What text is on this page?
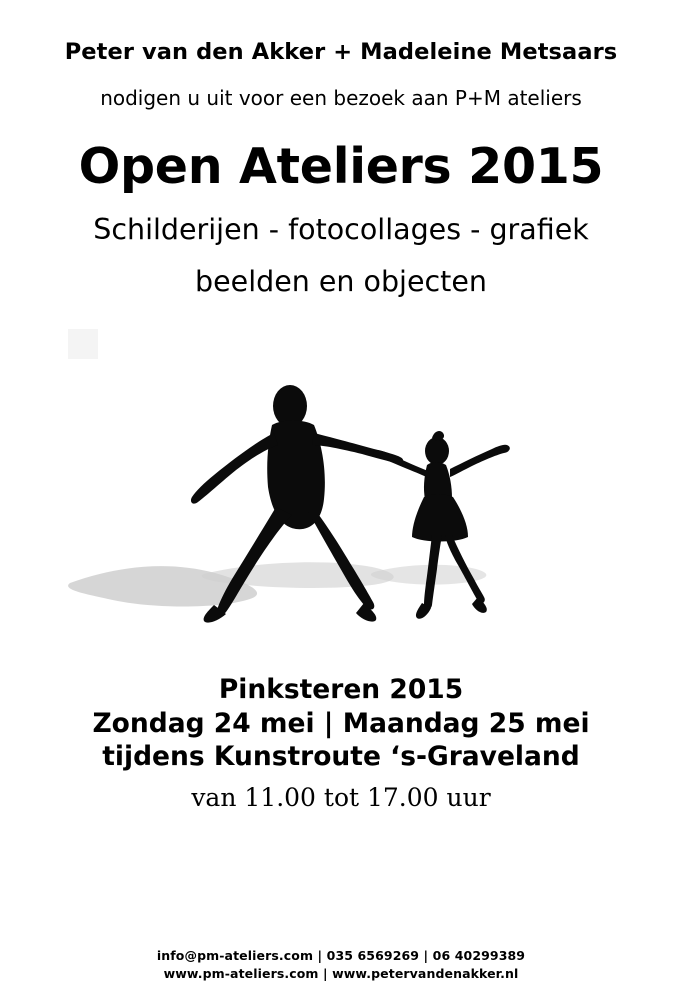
Peter van den Akker + Madeleine Metsaars
nodigen u uit voor een bezoek aan P+M ateliers
Open Ateliers 2015
Schilderijen - fotocollages - grafiek
beelden en objecten
Pinksteren 2015
Zondag 24 mei | Maandag 25 mei
tijdens Kunstroute ‘s-Graveland
van 11.00 tot 17.00 uur
info@pm-ateliers.com | 035 6569269 | 06 40299389
www.pm-ateliers.com | www.petervandenakker.nl
